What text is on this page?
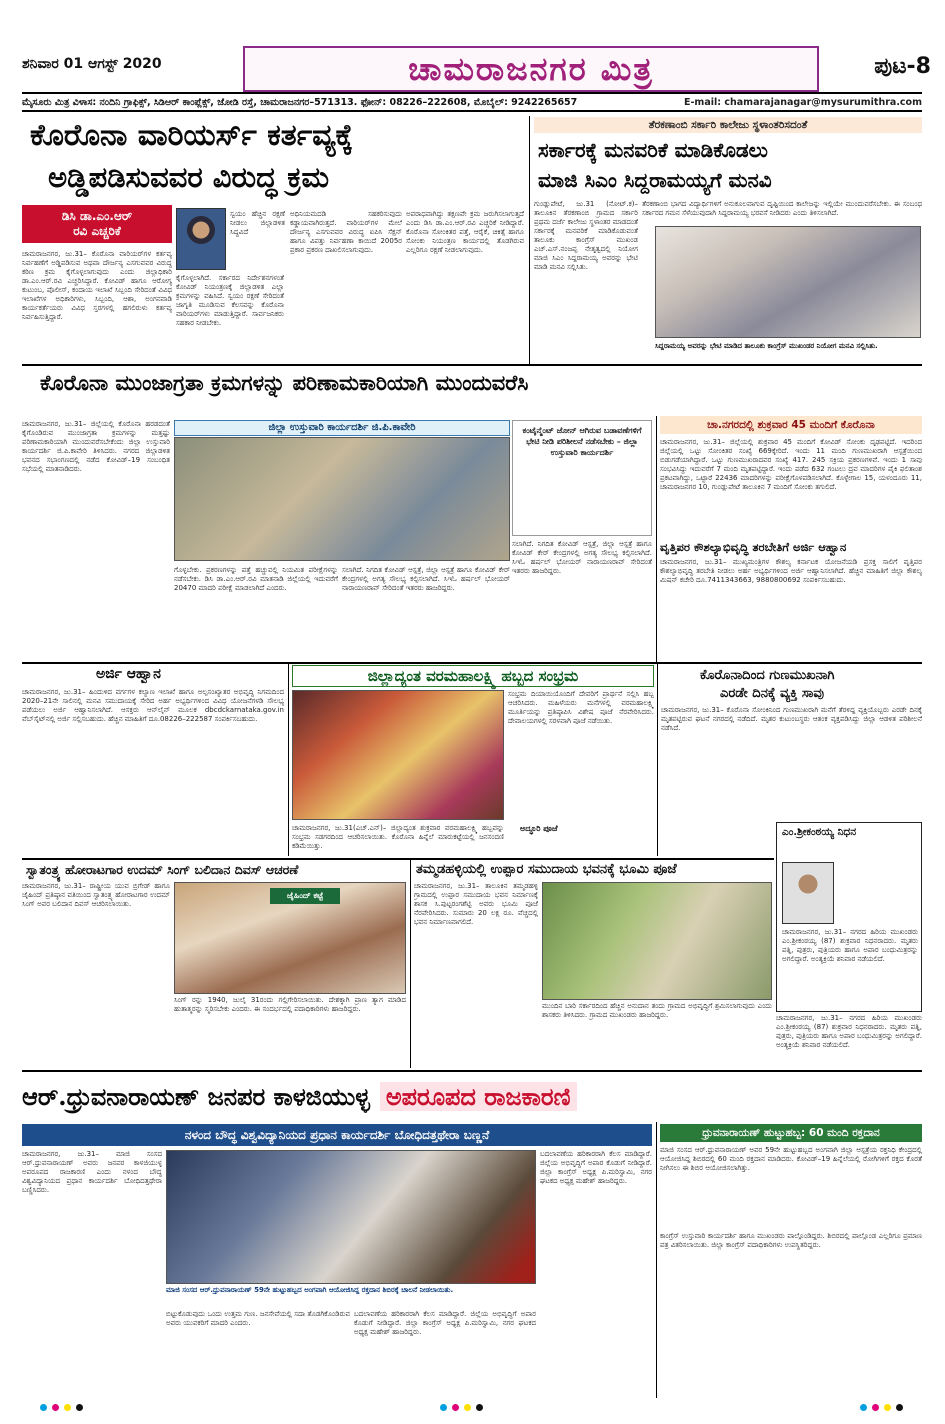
ಶನಿವಾರ 01 ಆಗಸ್ಟ್ 2020	ಚಾಮರಾಜನಗರ ಮಿತ್ರ	ಪುಟ-8
ಮೈಸೂರು ಮಿತ್ರ ವಿಳಾಸ: ನಂದಿನಿ ಗ್ರಾಫಿಕ್ಸ್, ಸಿಡಿಆರ್ ಕಾಂಪ್ಲೆಕ್ಸ್, ಜೋಡಿ ರಸ್ತೆ, ಚಾಮರಾಜನಗರ–571313. ಫೋನ್: 08226–222608, ಮೊಬೈಲ್: 9242265657	E-mail: chamarajanagar@mysurumithra.com
ಕೊರೊನಾ ವಾರಿಯರ್ಸ್ ಕರ್ತವ್ಯಕ್ಕೆ
ಅಡ್ಡಿಪಡಿಸುವವರ ವಿರುದ್ಧ ಕ್ರಮ
ಡಿಸಿ ಡಾ.ಎಂ.ಆರ್
ರವಿ ಎಚ್ಚರಿಕೆ
ಸ್ವಯಂ ಹೆಚ್ಚಿನ ರಕ್ಷಣೆ ನೀಡಲು ಜಿಲ್ಲಾಡಳಿತ ಸಿದ್ಧವಿದೆ
ಚಾಮರಾಜನಗರ, ಜು.31– ಕೊರೊನಾ ವಾರಿಯರ್‌ಗಳ ಕರ್ತವ್ಯ ನಿರ್ವಹಣೆಗೆ ಅಡ್ಡಿಪಡಿಸುವ ಅಥವಾ ದೌರ್ಜನ್ಯ ಎಸಗುವವರ ವಿರುದ್ಧ ಕಠಿಣ ಕ್ರಮ ಕೈಗೊಳ್ಳಲಾಗುವುದು ಎಂದು ಜಿಲ್ಲಾಧಿಕಾರಿ ಡಾ.ಎಂ.ಆರ್.ರವಿ ಎಚ್ಚರಿಸಿದ್ದಾರೆ. ಕೋವಿಡ್ ಹಾಗೂ ಆರೋಗ್ಯ ಕುಟುಂಬ, ಪೊಲೀಸ್, ಕಂದಾಯ ಇಲಾಖೆ ಸಿಬ್ಬಂದಿ ಸೇರಿದಂತೆ ವಿವಿಧ ಇಲಾಖೆಗಳ ಅಧಿಕಾರಿಗಳು, ಸಿಬ್ಬಂದಿ, ಆಶಾ, ಅಂಗನವಾಡಿ ಕಾರ್ಯಕರ್ತೆಯರು ವಿವಿಧ ಸ್ತರಗಳಲ್ಲಿ ಹಗಲಿರುಳು ಕರ್ತವ್ಯ ನಿರ್ವಹಿಸುತ್ತಿದ್ದಾರೆ.
ಕೈಗೊಳ್ಳಲಾಗಿದೆ. ಸರ್ಕಾರದ ನಿರ್ದೇಶನಗಳಂತೆ ಕೋವಿಡ್ ನಿಯಂತ್ರಣಕ್ಕೆ ಜಿಲ್ಲಾಡಳಿತ ಎಲ್ಲಾ ಕ್ರಮಗಳನ್ನು ವಹಿಸಿದೆ. ಸ್ವಯಂ ರಕ್ಷಣೆ ಸೇರಿದಂತೆ ಜಾಗೃತಿ ಮೂಡಿಸುವ ಕೆಲಸವನ್ನು ಕೊರೊನಾ ವಾರಿಯರ್‌ಗಳು ಮಾಡುತ್ತಿದ್ದಾರೆ. ಸಾರ್ವಜನಿಕರು ಸಹಕಾರ ನೀಡಬೇಕು.
ಅಧಿನಿಯಮದಡಿ ಸಹಕರಿಸುವುದು ಕಡ್ಡಾಯವಾಗಿರುತ್ತದೆ. ವಾರಿಯರ್‌ಗಳ ಮೇಲೆ ದೌರ್ಜನ್ಯ ಎಸಗುವವರ ವಿರುದ್ಧ ಐಪಿಸಿ ಸೆಕ್ಷನ್ ಹಾಗೂ ವಿಪತ್ತು ನಿರ್ವಹಣಾ ಕಾಯಿದೆ 2005ರ ಪ್ರಕಾರ ಪ್ರಕರಣ ದಾಖಲಿಸಲಾಗುವುದು.
ಅಪರಾಧವಾಗಿದ್ದು ತಕ್ಷಣವೇ ಕ್ರಮ ಜರುಗಿಸಲಾಗುತ್ತದೆ ಎಂದು ಡಿಸಿ ಡಾ.ಎಂ.ಆರ್.ರವಿ ಎಚ್ಚರಿಕೆ ನೀಡಿದ್ದಾರೆ. ಕೊರೊನಾ ಸೋಂಕಿತರ ಪತ್ತೆ, ಆರೈಕೆ, ಚಿಕಿತ್ಸೆ ಹಾಗೂ ಸೋಂಕು ನಿಯಂತ್ರಣ ಕಾರ್ಯದಲ್ಲಿ ತೊಡಗಿರುವ ಎಲ್ಲರಿಗೂ ರಕ್ಷಣೆ ನೀಡಲಾಗುವುದು.
ತೆರಕಣಾಂಬಿ ಸರ್ಕಾರಿ ಕಾಲೇಜು ಸ್ಥಳಾಂತರಿಸದಂತೆ
ಸರ್ಕಾರಕ್ಕೆ ಮನವರಿಕೆ ಮಾಡಿಕೊಡಲು
ಮಾಜಿ ಸಿಎಂ ಸಿದ್ದರಾಮಯ್ಯಗೆ ಮನವಿ
ಗುಂಡ್ಲುಪೇಟೆ, ಜು.31 (ನೋಟ್.ಕ)– ತಾಲೂಕಿನ ತೆರಕಣಾಂಬಿ ಗ್ರಾಮದ ಸರ್ಕಾರಿ ಪ್ರಥಮ ದರ್ಜೆ ಕಾಲೇಜು ಸ್ಥಳಾಂತರ ಮಾಡದಂತೆ ಸರ್ಕಾರಕ್ಕೆ ಮನವರಿಕೆ ಮಾಡಿಕೊಡುವಂತೆ ತಾಲೂಕು ಕಾಂಗ್ರೆಸ್ ಮುಖಂಡ ಎಚ್.ಎಸ್.ನಂಜಪ್ಪ ನೇತೃತ್ವದಲ್ಲಿ ನಿಯೋಗ ಮಾಜಿ ಸಿಎಂ ಸಿದ್ದರಾಮಯ್ಯ ಅವರನ್ನು ಭೇಟಿ ಮಾಡಿ ಮನವಿ ಸಲ್ಲಿಸಿತು.
ತೆರಕಣಾಂಬಿ ಭಾಗದ ವಿದ್ಯಾರ್ಥಿಗಳಿಗೆ ಅನುಕೂಲವಾಗುವ ದೃಷ್ಟಿಯಿಂದ ಕಾಲೇಜನ್ನು ಇಲ್ಲಿಯೇ ಮುಂದುವರೆಸಬೇಕು. ಈ ಸಂಬಂಧ ಸರ್ಕಾರದ ಗಮನ ಸೆಳೆಯುವುದಾಗಿ ಸಿದ್ದರಾಮಯ್ಯ ಭರವಸೆ ನೀಡಿದರು ಎಂದು ತಿಳಿಸಲಾಗಿದೆ.
ಸಿದ್ದರಾಮಯ್ಯ ಅವರನ್ನು ಭೇಟಿ ಮಾಡಿದ ತಾಲೂಕು ಕಾಂಗ್ರೆಸ್ ಮುಖಂಡರ ನಿಯೋಗ ಮನವಿ ಸಲ್ಲಿಸಿತು.
ಕೊರೊನಾ ಮುಂಜಾಗ್ರತಾ ಕ್ರಮಗಳನ್ನು ಪರಿಣಾಮಕಾರಿಯಾಗಿ ಮುಂದುವರೆಸಿ
ಚಾಮರಾಜನಗರ, ಜು.31– ಜಿಲ್ಲೆಯಲ್ಲಿ ಕೊರೊನಾ ಹರಡದಂತೆ ಕೈಗೊಂಡಿರುವ ಮುಂಜಾಗ್ರತಾ ಕ್ರಮಗಳನ್ನು ಮತ್ತಷ್ಟು ಪರಿಣಾಮಕಾರಿಯಾಗಿ ಮುಂದುವರೆಸಬೇಕೆಂದು ಜಿಲ್ಲಾ ಉಸ್ತುವಾರಿ ಕಾರ್ಯದರ್ಶಿ ಜಿ.ಪಿ.ಕಾವೇರಿ ತಿಳಿಸಿದರು. ನಗರದ ಜಿಲ್ಲಾಡಳಿತ ಭವನದ ಸಭಾಂಗಣದಲ್ಲಿ ನಡೆದ ಕೋವಿಡ್–19 ಸಂಬಂಧಿತ ಸಭೆಯಲ್ಲಿ ಮಾತನಾಡಿದರು.
ಜಿಲ್ಲಾ ಉಸ್ತುವಾರಿ ಕಾರ್ಯದರ್ಶಿ ಜಿ.ಪಿ.ಕಾವೇರಿ
ಗೊಳ್ಳಬೇಕು. ಪ್ರಕರಣಗಳನ್ನು ಪತ್ತೆ ಹಚ್ಚುವಲ್ಲಿ ನಿಯಮಿತ ಪರೀಕ್ಷೆಗಳನ್ನು ನಡೆಸಬೇಕು. ಡಿಸಿ ಡಾ.ಎಂ.ಆರ್.ರವಿ ಮಾತನಾಡಿ ಜಿಲ್ಲೆಯಲ್ಲಿ ಇದುವರೆಗೆ 20470 ಮಾದರಿ ಪರೀಕ್ಷೆ ಮಾಡಲಾಗಿದೆ ಎಂದರು.
ಸಲಾಗಿದೆ. ನಿಗದಿತ ಕೋವಿಡ್ ಆಸ್ಪತ್ರೆ, ಜಿಲ್ಲಾ ಆಸ್ಪತ್ರೆ ಹಾಗೂ ಕೋವಿಡ್ ಕೇರ್ ಕೇಂದ್ರಗಳಲ್ಲಿ ಅಗತ್ಯ ಸೌಲಭ್ಯ ಕಲ್ಪಿಸಲಾಗಿದೆ. ಸಿಇಓ ಹರ್ಷಲ್ ಭೋಯರ್ ನಾರಾಯಣರಾವ್ ಸೇರಿದಂತೆ ಇತರರು ಹಾಜರಿದ್ದರು.
ಕಂಟೈನ್ಮೆಂಟ್ ಜೋನ್ ಆಗಿರುವ ಬಡಾವಣೆಗಳಿಗೆ ಭೇಟಿ ನೀಡಿ ಪರಿಶೀಲನೆ ನಡೆಸಬೇಕು – ಜಿಲ್ಲಾ ಉಸ್ತುವಾರಿ ಕಾರ್ಯದರ್ಶಿ
ಸಲಾಗಿದೆ. ನಿಗದಿತ ಕೋವಿಡ್ ಆಸ್ಪತ್ರೆ, ಜಿಲ್ಲಾ ಆಸ್ಪತ್ರೆ ಹಾಗೂ ಕೋವಿಡ್ ಕೇರ್ ಕೇಂದ್ರಗಳಲ್ಲಿ ಅಗತ್ಯ ಸೌಲಭ್ಯ ಕಲ್ಪಿಸಲಾಗಿದೆ. ಸಿಇಓ ಹರ್ಷಲ್ ಭೋಯರ್ ನಾರಾಯಣರಾವ್ ಸೇರಿದಂತೆ ಇತರರು ಹಾಜರಿದ್ದರು.
ಚಾ.ನಗರದಲ್ಲಿ ಶುಕ್ರವಾರ 45 ಮಂದಿಗೆ ಕೊರೊನಾ
ಚಾಮರಾಜನಗರ, ಜು.31– ಜಿಲ್ಲೆಯಲ್ಲಿ ಶುಕ್ರವಾರ 45 ಮಂದಿಗೆ ಕೋವಿಡ್ ಸೋಂಕು ದೃಢಪಟ್ಟಿದೆ. ಇದರಿಂದ ಜಿಲ್ಲೆಯಲ್ಲಿ ಒಟ್ಟು ಸೋಂಕಿತರ ಸಂಖ್ಯೆ 669ಕ್ಕೇರಿದೆ. ಇಂದು 11 ಮಂದಿ ಗುಣಮುಖರಾಗಿ ಆಸ್ಪತ್ರೆಯಿಂದ ಬಿಡುಗಡೆಯಾಗಿದ್ದಾರೆ. ಒಟ್ಟು ಗುಣಮುಖರಾದವರ ಸಂಖ್ಯೆ 417. 245 ಸಕ್ರಿಯ ಪ್ರಕರಣಗಳಿವೆ. ಇಂದು 1 ಸಾವು ಸಂಭವಿಸಿದ್ದು ಇದುವರೆಗೆ 7 ಮಂದಿ ಮೃತಪಟ್ಟಿದ್ದಾರೆ. ಇಂದು ಪಡೆದ 632 ಗಂಟಲು ದ್ರವ ಮಾದರಿಗಳ ಪೈಕಿ ಫಲಿತಾಂಶ ಪ್ರಕಟವಾಗಿದ್ದು, ಒಟ್ಟಾರೆ 22436 ಮಾದರಿಗಳನ್ನು ಪರೀಕ್ಷೆಗೊಳಪಡಿಸಲಾಗಿದೆ. ಕೊಳ್ಳೇಗಾಲ 15, ಯಳಂದೂರು 11, ಚಾಮರಾಜನಗರ 10, ಗುಂಡ್ಲುಪೇಟೆ ತಾಲೂಕಿನ 7 ಮಂದಿಗೆ ಸೋಂಕು ತಗುಲಿದೆ.
ವೃತ್ತಿಪರ ಕೌಶಲ್ಯಾಭಿವೃದ್ಧಿ ತರಬೇತಿಗೆ ಅರ್ಜಿ ಆಹ್ವಾನ
ಚಾಮರಾಜನಗರ, ಜು.31– ಮುಖ್ಯಮಂತ್ರಿಗಳ ಕೌಶಲ್ಯ ಕರ್ನಾಟಕ ಯೋಜನೆಯಡಿ ಪ್ರಸಕ್ತ ಸಾಲಿಗೆ ವೃತ್ತಿಪರ ಕೌಶಲ್ಯಾಭಿವೃದ್ಧಿ ತರಬೇತಿ ನೀಡಲು ಅರ್ಹ ಅಭ್ಯರ್ಥಿಗಳಿಂದ ಅರ್ಜಿ ಆಹ್ವಾನಿಸಲಾಗಿದೆ. ಹೆಚ್ಚಿನ ಮಾಹಿತಿಗೆ ಜಿಲ್ಲಾ ಕೌಶಲ್ಯ ಮಿಷನ್ ಕಚೇರಿ ದೂ.7411343663, 9880800692 ಸಂಪರ್ಕಿಸಬಹುದು.
ಅರ್ಜಿ ಆಹ್ವಾನ
ಚಾಮರಾಜನಗರ, ಜು.31– ಹಿಂದುಳಿದ ವರ್ಗಗಳ ಕಲ್ಯಾಣ ಇಲಾಖೆ ಹಾಗೂ ಅಲ್ಪಸಂಖ್ಯಾತರ ಅಭಿವೃದ್ಧಿ ನಿಗಮದಿಂದ 2020–21ನೇ ಸಾಲಿನಲ್ಲಿ ಮನವಿ ಸಮುದಾಯಕ್ಕೆ ಸೇರಿದ ಅರ್ಹ ಅಭ್ಯರ್ಥಿಗಳಿಂದ ವಿವಿಧ ಯೋಜನೆಗಳಡಿ ಸೌಲಭ್ಯ ಪಡೆಯಲು ಅರ್ಜಿ ಆಹ್ವಾನಿಸಲಾಗಿದೆ. ಆಸಕ್ತರು ಆನ್‌ಲೈನ್ ಮೂಲಕ dbcdckarnataka.gov.in ವೆಬ್‌ಸೈಟ್‌ನಲ್ಲಿ ಅರ್ಜಿ ಸಲ್ಲಿಸಬಹುದು. ಹೆಚ್ಚಿನ ಮಾಹಿತಿಗೆ ದೂ.08226–222587 ಸಂಪರ್ಕಿಸಬಹುದು.
ಜಿಲ್ಲಾದ್ಯಂತ ವರಮಹಾಲಕ್ಷ್ಮಿ ಹಬ್ಬದ ಸಂಭ್ರಮ
ಸಂಭ್ರಮ ದಿಯಾಯಿಯೊಂದಿಗೆ ದೇವರಿಗೆ ಪ್ರಾರ್ಥನೆ ಸಲ್ಲಿಸಿ ಹಬ್ಬ ಆಚರಿಸಿದರು. ಮಹಿಳೆಯರು ಮನೆಗಳಲ್ಲಿ ವರಮಹಾಲಕ್ಷ್ಮಿ ಮೂರ್ತಿಯನ್ನು ಪ್ರತಿಷ್ಠಾಪಿಸಿ ವಿಶೇಷ ಪೂಜೆ ನೆರವೇರಿಸಿದರು. ದೇವಾಲಯಗಳಲ್ಲಿ ಸರಳವಾಗಿ ಪೂಜೆ ನಡೆಯಿತು.
ಚಾಮರಾಜನಗರ, ಜು.31(ಎಚ್.ಎನ್)– ಜಿಲ್ಲಾದ್ಯಂತ ಶುಕ್ರವಾರ ವರಮಹಾಲಕ್ಷ್ಮಿ ಹಬ್ಬವನ್ನು ಸಂಭ್ರಮ ಸಡಗರದಿಂದ ಆಚರಿಸಲಾಯಿತು. ಕೊರೊನಾ ಹಿನ್ನೆಲೆ ಮಾರುಕಟ್ಟೆಯಲ್ಲಿ ಜನಸಂದಣಿ ಕಡಿಮೆಯಿತ್ತು.
ಅದ್ಧೂರಿ ಪೂಜೆ
ಕೊರೊನಾದಿಂದ ಗುಣಮುಖನಾಗಿ
ಎರಡೇ ದಿನಕ್ಕೆ ವ್ಯಕ್ತಿ ಸಾವು
ಚಾಮರಾಜನಗರ, ಜು.31– ಕೊರೊನಾ ಸೋಂಕಿನಿಂದ ಗುಣಮುಖರಾಗಿ ಮನೆಗೆ ತೆರಳಿದ್ದ ವ್ಯಕ್ತಿಯೊಬ್ಬರು ಎರಡೇ ದಿನಕ್ಕೆ ಮೃತಪಟ್ಟಿರುವ ಘಟನೆ ನಗರದಲ್ಲಿ ನಡೆದಿದೆ. ಮೃತರ ಕುಟುಂಬಸ್ಥರು ಆತಂಕ ವ್ಯಕ್ತಪಡಿಸಿದ್ದು ಜಿಲ್ಲಾ ಆಡಳಿತ ಪರಿಶೀಲನೆ ನಡೆಸಿದೆ.
ಎಂ.ಶ್ರೀಕಂಠಯ್ಯ ನಿಧನ
ಚಾಮರಾಜನಗರ, ಜು.31– ನಗರದ ಹಿರಿಯ ಮುಖಂಡರು ಎಂ.ಶ್ರೀಕಂಠಯ್ಯ (87) ಶುಕ್ರವಾರ ನಿಧನರಾದರು. ಮೃತರು ಪತ್ನಿ, ಪುತ್ರರು, ಪುತ್ರಿಯರು ಹಾಗೂ ಅಪಾರ ಬಂಧುಮಿತ್ರರನ್ನು ಅಗಲಿದ್ದಾರೆ. ಅಂತ್ಯಕ್ರಿಯೆ ಶನಿವಾರ ನಡೆಯಲಿದೆ.
ಸ್ವಾತಂತ್ರ್ಯ ಹೋರಾಟಗಾರ ಉದಮ್ ಸಿಂಗ್ ಬಲಿದಾನ ದಿವಸ್ ಆಚರಣೆ
ಚಾಮರಾಜನಗರ, ಜು.31– ರಾಷ್ಟ್ರೀಯ ಯುವ ಬ್ರಿಗೇಡ್ ಹಾಗೂ ಜೈಹಿಂದ್ ಪ್ರತಿಷ್ಠಾನ ವತಿಯಿಂದ ಸ್ವಾತಂತ್ರ್ಯ ಹೋರಾಟಗಾರ ಉದಮ್ ಸಿಂಗ್ ಅವರ ಬಲಿದಾನ ದಿವಸ್ ಆಚರಿಸಲಾಯಿತು.
ಜೈಹಿಂದ್ ಕಟ್ಟೆ
ಸಿಂಗ್ ರನ್ನು 1940, ಜುಲೈ 31ರಂದು ಗಲ್ಲಿಗೇರಿಸಲಾಯಿತು. ದೇಶಕ್ಕಾಗಿ ಪ್ರಾಣ ತ್ಯಾಗ ಮಾಡಿದ ಹುತಾತ್ಮರನ್ನು ಸ್ಮರಿಸಬೇಕು ಎಂದರು. ಈ ಸಂದರ್ಭದಲ್ಲಿ ಪದಾಧಿಕಾರಿಗಳು ಹಾಜರಿದ್ದರು.
ತಮ್ಮಡಹಳ್ಳಿಯಲ್ಲಿ ಉಪ್ಪಾರ ಸಮುದಾಯ ಭವನಕ್ಕೆ ಭೂಮಿ ಪೂಜೆ
ಚಾಮರಾಜನಗರ, ಜು.31– ತಾಲೂಕಿನ ತಮ್ಮಡಹಳ್ಳಿ ಗ್ರಾಮದಲ್ಲಿ ಉಪ್ಪಾರ ಸಮುದಾಯ ಭವನ ನಿರ್ಮಾಣಕ್ಕೆ ಶಾಸಕ ಸಿ.ಪುಟ್ಟರಂಗಶೆಟ್ಟಿ ಅವರು ಭೂಮಿ ಪೂಜೆ ನೆರವೇರಿಸಿದರು. ಸುಮಾರು 20 ಲಕ್ಷ ರೂ. ವೆಚ್ಚದಲ್ಲಿ ಭವನ ನಿರ್ಮಾಣವಾಗಲಿದೆ.
ಮುಂದಿನ ಬಾರಿ ಸರ್ಕಾರದಿಂದ ಹೆಚ್ಚಿನ ಅನುದಾನ ತಂದು ಗ್ರಾಮದ ಅಭಿವೃದ್ಧಿಗೆ ಶ್ರಮಿಸಲಾಗುವುದು ಎಂದು ಶಾಸಕರು ತಿಳಿಸಿದರು. ಗ್ರಾಮದ ಮುಖಂಡರು ಹಾಜರಿದ್ದರು.	ಚಾಮರಾಜನಗರ, ಜು.31– ನಗರದ ಹಿರಿಯ ಮುಖಂಡರು ಎಂ.ಶ್ರೀಕಂಠಯ್ಯ (87) ಶುಕ್ರವಾರ ನಿಧನರಾದರು. ಮೃತರು ಪತ್ನಿ, ಪುತ್ರರು, ಪುತ್ರಿಯರು ಹಾಗೂ ಅಪಾರ ಬಂಧುಮಿತ್ರರನ್ನು ಅಗಲಿದ್ದಾರೆ. ಅಂತ್ಯಕ್ರಿಯೆ ಶನಿವಾರ ನಡೆಯಲಿದೆ.
ಆರ್.ಧ್ರುವನಾರಾಯಣ್ ಜನಪರ ಕಾಳಜಿಯುಳ್ಳ ಅಪರೂಪದ ರಾಜಕಾರಣಿ
ನಳಂದ ಬೌದ್ಧ ವಿಶ್ವವಿದ್ಯಾನಿಯದ ಪ್ರಧಾನ ಕಾರ್ಯದರ್ಶಿ ಬೋಧಿದತ್ತಥೇರಾ ಬಣ್ಣನೆ
ಚಾಮರಾಜನಗರ, ಜು.31– ಮಾಜಿ ಸಂಸದ ಆರ್.ಧ್ರುವನಾರಾಯಣ್ ಅವರು ಜನಪರ ಕಾಳಜಿಯುಳ್ಳ ಅಪರೂಪದ ರಾಜಕಾರಣಿ ಎಂದು ನಳಂದ ಬೌದ್ಧ ವಿಶ್ವವಿದ್ಯಾನಿಯದ ಪ್ರಧಾನ ಕಾರ್ಯದರ್ಶಿ ಬೋಧಿದತ್ತಥೇರಾ ಬಣ್ಣಿಸಿದರು.
ಮಾಜಿ ಸಂಸದ ಆರ್.ಧ್ರುವನಾರಾಯಣ್ 59ನೇ ಹುಟ್ಟುಹಬ್ಬದ ಅಂಗವಾಗಿ ಆಯೋಜಿಸಿದ್ದ ರಕ್ತದಾನ ಶಿಬಿರಕ್ಕೆ ಚಾಲನೆ ನೀಡಲಾಯಿತು.
ಬಿಟ್ಟುಕೊಡುವುದು ಒಂದು ಉತ್ತಮ ಗುಣ. ಜನಸೇವೆಯಲ್ಲಿ ಸದಾ ತೊಡಗಿಕೊಂಡಿರುವ ಅವರು ಯುವಕರಿಗೆ ಮಾದರಿ ಎಂದರು.
ಬದಲಾವಣೆಯ ಹರಿಕಾರರಾಗಿ ಕೆಲಸ ಮಾಡಿದ್ದಾರೆ. ಜಿಲ್ಲೆಯ ಅಭಿವೃದ್ಧಿಗೆ ಅಪಾರ ಕೊಡುಗೆ ನೀಡಿದ್ದಾರೆ. ಜಿಲ್ಲಾ ಕಾಂಗ್ರೆಸ್ ಅಧ್ಯಕ್ಷ ಪಿ.ಮರಿಸ್ವಾಮಿ, ನಗರ ಘಟಕದ ಅಧ್ಯಕ್ಷ ಮಹೇಶ್ ಹಾಜರಿದ್ದರು.
ಬದಲಾವಣೆಯ ಹರಿಕಾರರಾಗಿ ಕೆಲಸ ಮಾಡಿದ್ದಾರೆ. ಜಿಲ್ಲೆಯ ಅಭಿವೃದ್ಧಿಗೆ ಅಪಾರ ಕೊಡುಗೆ ನೀಡಿದ್ದಾರೆ. ಜಿಲ್ಲಾ ಕಾಂಗ್ರೆಸ್ ಅಧ್ಯಕ್ಷ ಪಿ.ಮರಿಸ್ವಾಮಿ, ನಗರ ಘಟಕದ ಅಧ್ಯಕ್ಷ ಮಹೇಶ್ ಹಾಜರಿದ್ದರು.
ಧ್ರುವನಾರಾಯಣ್ ಹುಟ್ಟುಹಬ್ಬ: 60 ಮಂದಿ ರಕ್ತದಾನ
ಮಾಜಿ ಸಂಸದ ಆರ್.ಧ್ರುವನಾರಾಯಣ್ ಅವರ 59ನೇ ಹುಟ್ಟುಹಬ್ಬದ ಅಂಗವಾಗಿ ಜಿಲ್ಲಾ ಆಸ್ಪತ್ರೆಯ ರಕ್ತನಿಧಿ ಕೇಂದ್ರದಲ್ಲಿ ಆಯೋಜಿಸಿದ್ದ ಶಿಬಿರದಲ್ಲಿ 60 ಮಂದಿ ರಕ್ತದಾನ ಮಾಡಿದರು. ಕೋವಿಡ್–19 ಹಿನ್ನೆಲೆಯಲ್ಲಿ ರೋಗಿಗಳಿಗೆ ರಕ್ತದ ಕೊರತೆ ನೀಗಿಸಲು ಈ ಶಿಬಿರ ಆಯೋಜಿಸಲಾಗಿತ್ತು.
ಕಾಂಗ್ರೆಸ್ ಉಸ್ತುವಾರಿ ಕಾರ್ಯದರ್ಶಿ ಹಾಗೂ ಮುಖಂಡರು ಪಾಲ್ಗೊಂಡಿದ್ದರು. ಶಿಬಿರದಲ್ಲಿ ಪಾಲ್ಗೊಂಡ ಎಲ್ಲರಿಗೂ ಪ್ರಮಾಣ ಪತ್ರ ವಿತರಿಸಲಾಯಿತು. ಜಿಲ್ಲಾ ಕಾಂಗ್ರೆಸ್ ಪದಾಧಿಕಾರಿಗಳು ಉಪಸ್ಥಿತರಿದ್ದರು.
